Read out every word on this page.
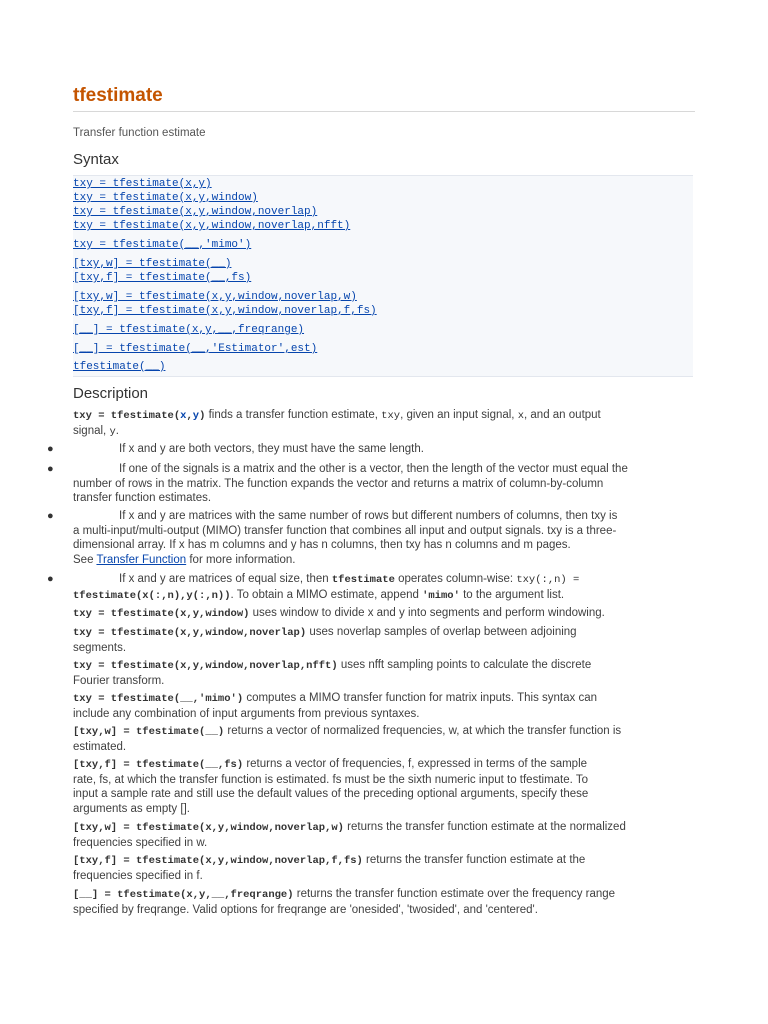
tfestimate
Transfer function estimate
Syntax
txy = tfestimate(x,y)
txy = tfestimate(x,y,window)
txy = tfestimate(x,y,window,noverlap)
txy = tfestimate(x,y,window,noverlap,nfft)
txy = tfestimate(__,'mimo')
[txy,w] = tfestimate(__)
[txy,f] = tfestimate(__,fs)
[txy,w] = tfestimate(x,y,window,noverlap,w)
[txy,f] = tfestimate(x,y,window,noverlap,f,fs)
[__] = tfestimate(x,y,__,freqrange)
[__] = tfestimate(__,'Estimator',est)
tfestimate(__)
Description
txy = tfestimate(x,y) finds a transfer function estimate, txy, given an input signal, x, and an output
signal, y.
●	If x and y are both vectors, they must have the same length.
●	If one of the signals is a matrix and the other is a vector, then the length of the vector must equal the
number of rows in the matrix. The function expands the vector and returns a matrix of column-by-column
transfer function estimates.
●	If x and y are matrices with the same number of rows but different numbers of columns, then txy is
a multi-input/multi-output (MIMO) transfer function that combines all input and output signals. txy is a three-
dimensional array. If x has m columns and y has n columns, then txy has n columns and m pages.
See Transfer Function for more information.
●	If x and y are matrices of equal size, then tfestimate operates column-wise: txy(:,n) =
tfestimate(x(:,n),y(:,n)). To obtain a MIMO estimate, append 'mimo' to the argument list.
txy = tfestimate(x,y,window) uses window to divide x and y into segments and perform windowing.
txy = tfestimate(x,y,window,noverlap) uses noverlap samples of overlap between adjoining
segments.
txy = tfestimate(x,y,window,noverlap,nfft) uses nfft sampling points to calculate the discrete
Fourier transform.
txy = tfestimate(__,'mimo') computes a MIMO transfer function for matrix inputs. This syntax can
include any combination of input arguments from previous syntaxes.
[txy,w] = tfestimate(__) returns a vector of normalized frequencies, w, at which the transfer function is
estimated.
[txy,f] = tfestimate(__,fs) returns a vector of frequencies, f, expressed in terms of the sample
rate, fs, at which the transfer function is estimated. fs must be the sixth numeric input to tfestimate. To
input a sample rate and still use the default values of the preceding optional arguments, specify these
arguments as empty [].
[txy,w] = tfestimate(x,y,window,noverlap,w) returns the transfer function estimate at the normalized
frequencies specified in w.
[txy,f] = tfestimate(x,y,window,noverlap,f,fs) returns the transfer function estimate at the
frequencies specified in f.
[__] = tfestimate(x,y,__,freqrange) returns the transfer function estimate over the frequency range
specified by freqrange. Valid options for freqrange are 'onesided', 'twosided', and 'centered'.
